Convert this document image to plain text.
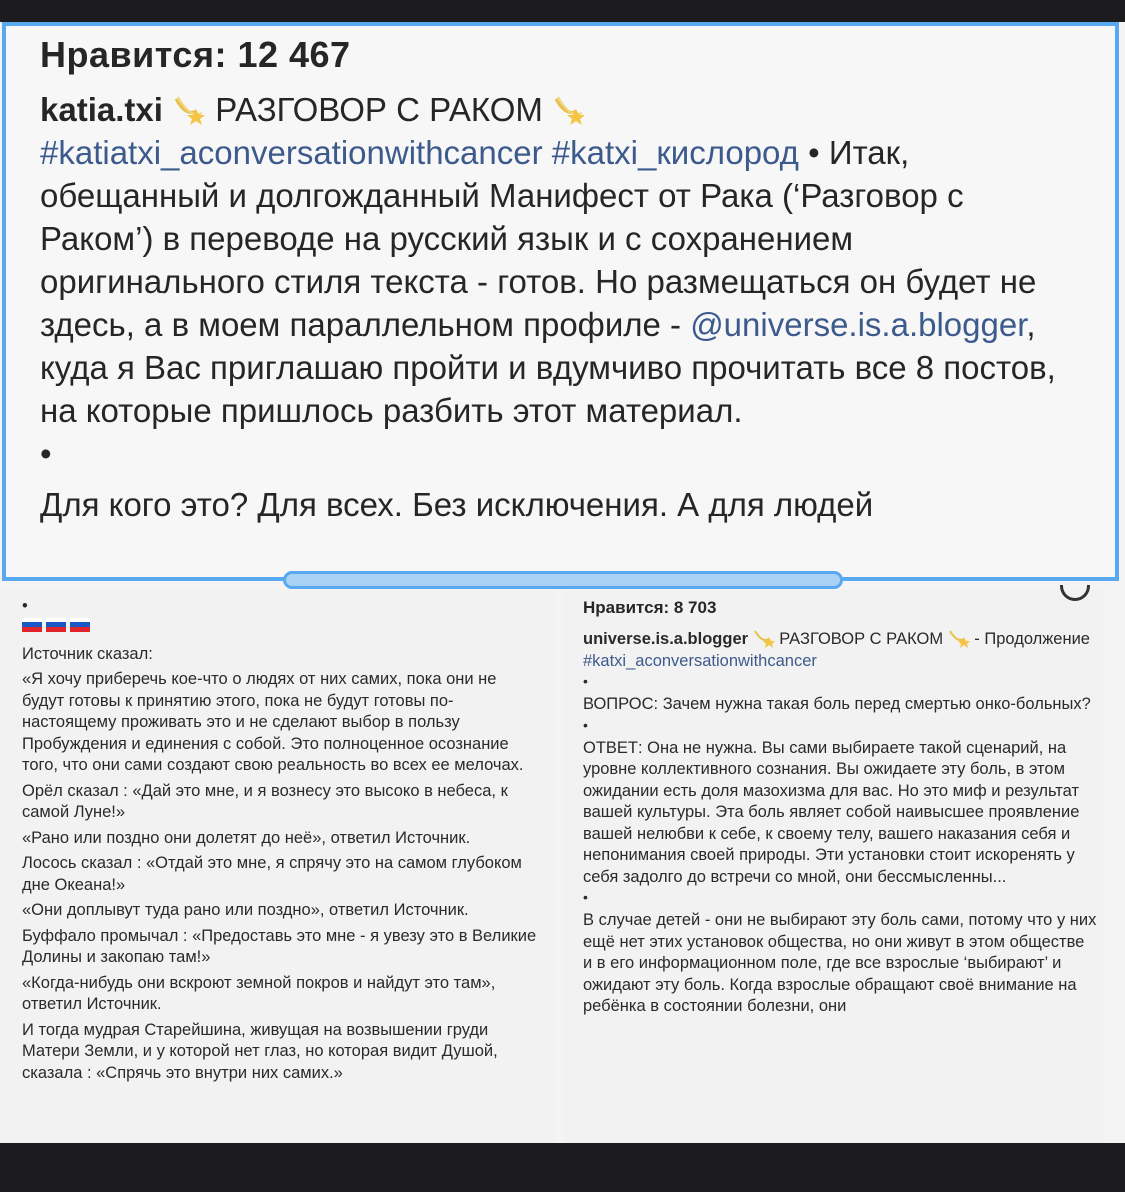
Нравится: 12 467
katia.txi РАЗГОВОР С РАКОМ
#katiatxi_aconversationwithcancer #katxi_кислород • Итак, обещанный и долгожданный Манифест от Рака (‘Разговор с Раком’) в переводе на русский язык и с сохранением оригинального стиля текста - готов. Но размещаться он будет не здесь, а в моем параллельном профиле - @universe.is.a.blogger, куда я Вас приглашаю пройти и вдумчиво прочитать все 8 постов, на которые пришлось разбить этот материал.
•

Для кого это? Для всех. Без исключения. А для людей
•

Источник сказал:

«Я хочу приберечь кое-что о людях от них самих, пока они не будут готовы к принятию этого, пока не будут готовы по-настоящему проживать это и не сделают выбор в пользу Пробуждения и единения с собой. Это полноценное осознание того, что они сами создают свою реальность во всех ее мелочах.

Орёл сказал : «Дай это мне, и я вознесу это высоко в небеса, к самой Луне!»

«Рано или поздно они долетят до неё», ответил Источник.

Лосось сказал : «Отдай это мне, я спрячу это на самом глубоком дне Океана!»

«Они доплывут туда рано или поздно», ответил Источник.

Буффало промычал : «Предоставь это мне - я увезу это в Великие Долины и закопаю там!»

«Когда-нибудь они вскроют земной покров и найдут это там», ответил Источник.

И тогда мудрая Старейшина, живущая на возвышении груди Матери Земли, и у которой нет глаз, но которая видит Душой, сказала : «Спрячь это внутри них самих.»

Нравится: 8 703

universe.is.a.blogger РАЗГОВОР С РАКОМ - Продолжение

#katxi_aconversationwithcancer

•

ВОПРОС: Зачем нужна такая боль перед смертью онко-больных?

•

ОТВЕТ: Она не нужна. Вы сами выбираете такой сценарий, на уровне коллективного сознания. Вы ожидаете эту боль, в этом ожидании есть доля мазохизма для вас. Но это миф и результат вашей культуры. Эта боль являет собой наивысшее проявление вашей нелюбви к себе, к своему телу, вашего наказания себя и непонимания своей природы. Эти установки стоит искоренять у себя задолго до встречи со мной, они бессмысленны...

•

В случае детей - они не выбирают эту боль сами, потому что у них ещё нет этих установок общества, но они живут в этом обществе и в его информационном поле, где все взрослые ‘выбирают’ и ожидают эту боль. Когда взрослые обращают своё внимание на ребёнка в состоянии болезни, они
